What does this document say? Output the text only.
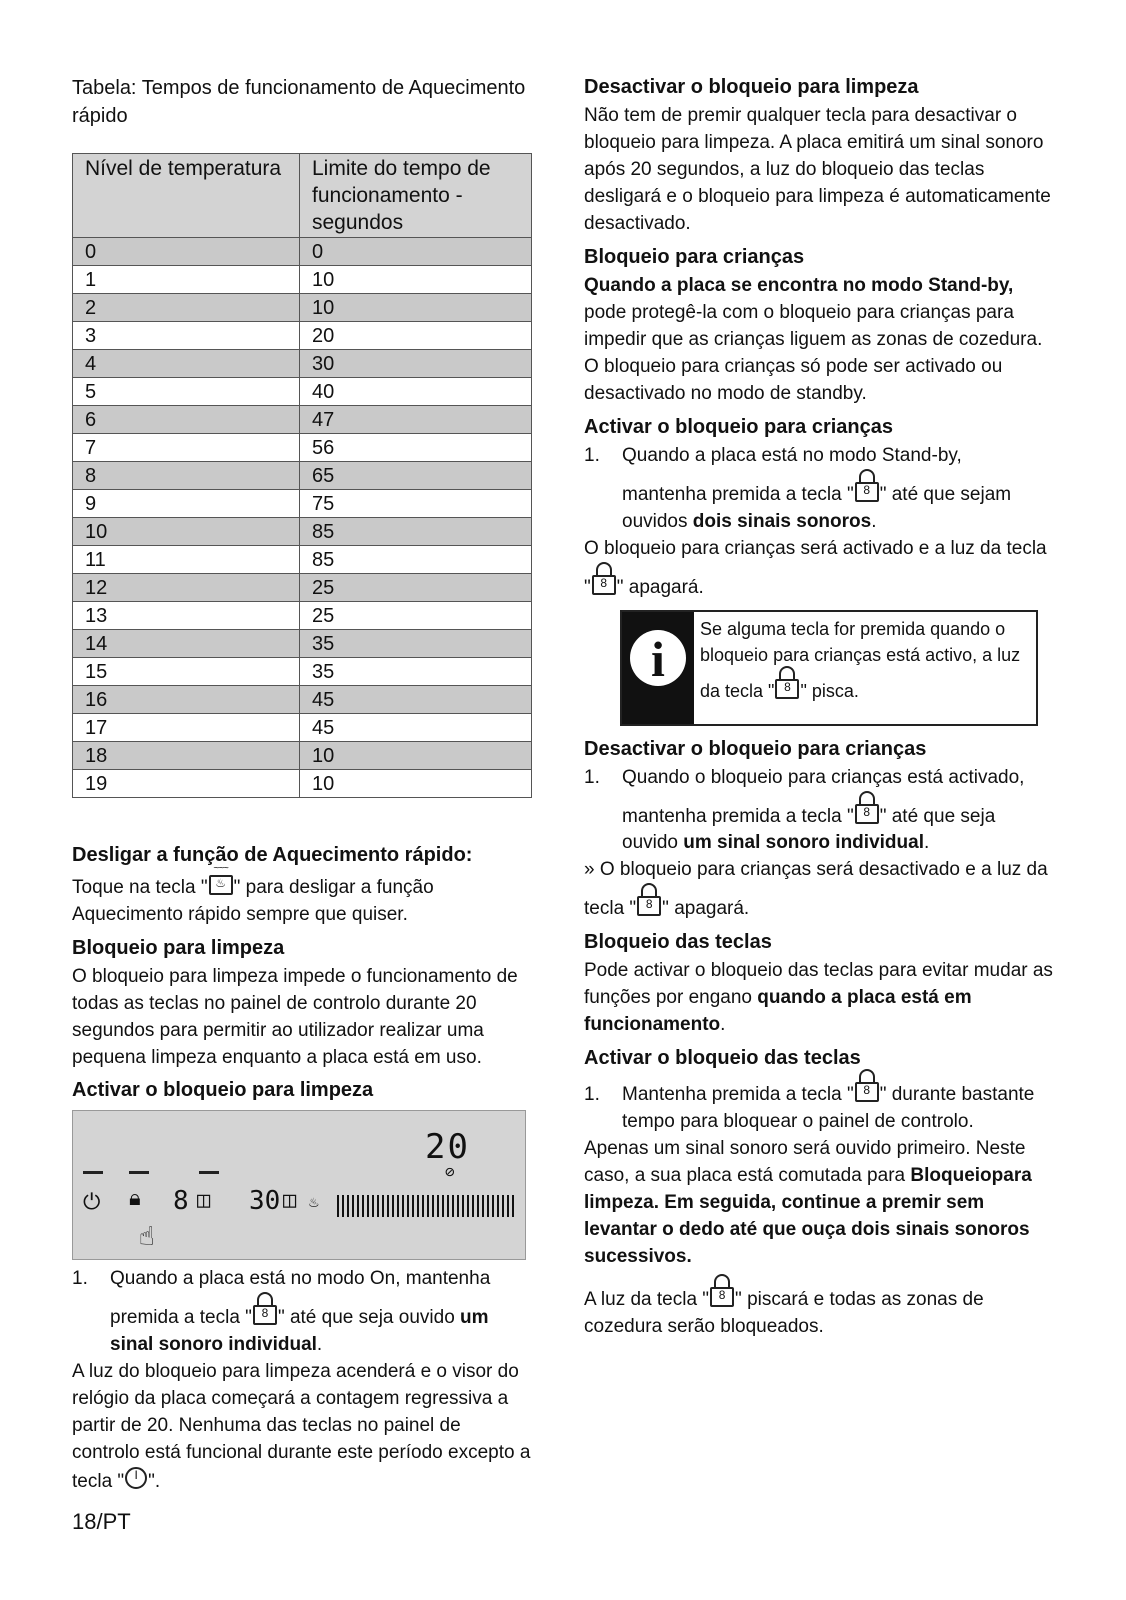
Tabela: Tempos de funcionamento de Aquecimento rápido

Nível de temperatura	Limite do tempo de funcionamento - segundos
0	0
1	10
2	10
3	20
4	30
5	40
6	47
7	56
8	65
9	75
10	85
11	85
12	25
13	25
14	35
15	35
16	45
17	45
18	10
19	10
Desligar a função de Aquecimento rápido:

Toque na tecla " ~~~ ♨ " para desligar a função Aquecimento rápido sempre que quiser.

Bloqueio para limpeza

O bloqueio para limpeza impede o funcionamento de todas as teclas no painel de controlo durante 20 segundos para permitir ao utilizador realizar uma pequena limpeza enquanto a placa está em uso.

Activar o bloqueio para limpeza
20
⊘
⏻ 🔒︎ 8 ◫ 30 ◫ ♨
☝
1.	Quando a placa está no modo On, mantenha

premida a tecla " 8 " até que seja ouvido um sinal sonoro individual.

A luz do bloqueio para limpeza acenderá e o visor do relógio da placa começará a contagem regressiva a partir de 20. Nenhuma das teclas no painel de controlo está funcional durante este período excepto a tecla " I ".

Desactivar o bloqueio para limpeza

Não tem de premir qualquer tecla para desactivar o bloqueio para limpeza. A placa emitirá um sinal sonoro após 20 segundos, a luz do bloqueio das teclas desligará e o bloqueio para limpeza é automaticamente desactivado.

Bloqueio para crianças

Quando a placa se encontra no modo Stand-by, pode protegê-la com o bloqueio para crianças para impedir que as crianças liguem as zonas de cozedura. O bloqueio para crianças só pode ser activado ou desactivado no modo de standby.

Activar o bloqueio para crianças
1.	Quando a placa está no modo Stand-by,

mantenha premida a tecla " 8 " até que sejam ouvidos dois sinais sonoros.

O bloqueio para crianças será activado e a luz da tecla

" 8 " apagará.

i

Se alguma tecla for premida quando o bloqueio para crianças está activo, a luz

da tecla " 8 " pisca.

Desactivar o bloqueio para crianças
1.	Quando o bloqueio para crianças está activado,

mantenha premida a tecla " 8 " até que seja ouvido um sinal sonoro individual.

» O bloqueio para crianças será desactivado e a luz da

tecla " 8 " apagará.

Bloqueio das teclas

Pode activar o bloqueio das teclas para evitar mudar as funções por engano quando a placa está em funcionamento.

Activar o bloqueio das teclas
1.	Mantenha premida a tecla " 8 " durante bastante tempo para bloquear o painel de controlo.

Apenas um sinal sonoro será ouvido primeiro. Neste caso, a sua placa está comutada para Bloqueiopara limpeza. Em seguida, continue a premir sem levantar o dedo até que ouça dois sinais sonoros sucessivos.

A luz da tecla " 8 " piscará e todas as zonas de cozedura serão bloqueados.

18/PT
